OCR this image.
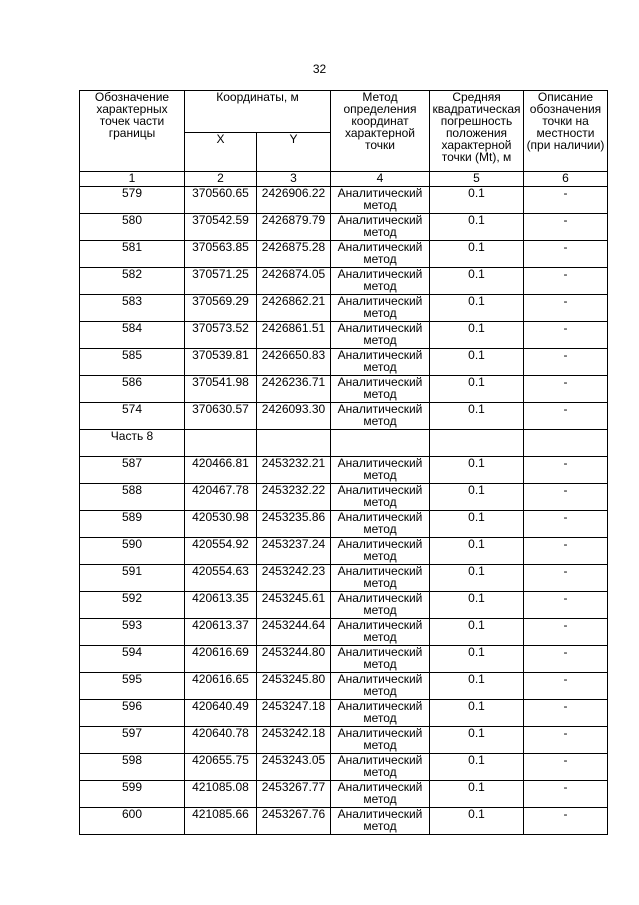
32
Обозначение характерных точек части границы	Координаты, м		Метод определения координат характерной точки	Средняя квадратическая погрешность положения характерной точки (Mt), м	Описание обозначения точки на местности (при наличии)
	X	Y			
1	2	3	4	5	6
579	370560.65	2426906.22	Аналитический метод	0.1	-
580	370542.59	2426879.79	Аналитический метод	0.1	-
581	370563.85	2426875.28	Аналитический метод	0.1	-
582	370571.25	2426874.05	Аналитический метод	0.1	-
583	370569.29	2426862.21	Аналитический метод	0.1	-
584	370573.52	2426861.51	Аналитический метод	0.1	-
585	370539.81	2426650.83	Аналитический метод	0.1	-
586	370541.98	2426236.71	Аналитический метод	0.1	-
574	370630.57	2426093.30	Аналитический метод	0.1	-
Часть 8					
587	420466.81	2453232.21	Аналитический метод	0.1	-
588	420467.78	2453232.22	Аналитический метод	0.1	-
589	420530.98	2453235.86	Аналитический метод	0.1	-
590	420554.92	2453237.24	Аналитический метод	0.1	-
591	420554.63	2453242.23	Аналитический метод	0.1	-
592	420613.35	2453245.61	Аналитический метод	0.1	-
593	420613.37	2453244.64	Аналитический метод	0.1	-
594	420616.69	2453244.80	Аналитический метод	0.1	-
595	420616.65	2453245.80	Аналитический метод	0.1	-
596	420640.49	2453247.18	Аналитический метод	0.1	-
597	420640.78	2453242.18	Аналитический метод	0.1	-
598	420655.75	2453243.05	Аналитический метод	0.1	-
599	421085.08	2453267.77	Аналитический метод	0.1	-
600	421085.66	2453267.76	Аналитический метод	0.1	-
